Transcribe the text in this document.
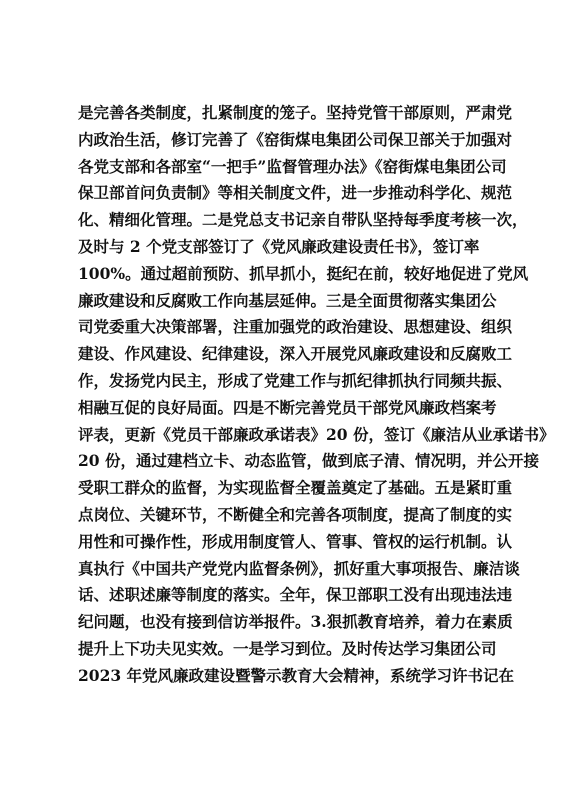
是完善各类制度，扎紧制度的笼子。坚持党管干部原则，严肃党
内政治生活，修订完善了《窑街煤电集团公司保卫部关于加强对
各党支部和各部室“一把手”监督管理办法》《窑街煤电集团公司
保卫部首问负责制》等相关制度文件，进一步推动科学化、规范
化、精细化管理。二是党总支书记亲自带队坚持每季度考核一次，
及时与 2 个党支部签订了《党风廉政建设责任书》，签订率
100%。通过超前预防、抓早抓小，挺纪在前，较好地促进了党风
廉政建设和反腐败工作向基层延伸。三是全面贯彻落实集团公
司党委重大决策部署，注重加强党的政治建设、思想建设、组织
建设、作风建设、纪律建设，深入开展党风廉政建设和反腐败工
作，发扬党内民主，形成了党建工作与抓纪律抓执行同频共振、
相融互促的良好局面。四是不断完善党员干部党风廉政档案考
评表，更新《党员干部廉政承诺表》20 份，签订《廉洁从业承诺书》
20 份，通过建档立卡、动态监管，做到底子清、情况明，并公开接
受职工群众的监督，为实现监督全覆盖奠定了基础。五是紧盯重
点岗位、关键环节，不断健全和完善各项制度，提高了制度的实
用性和可操作性，形成用制度管人、管事、管权的运行机制。认
真执行《中国共产党党内监督条例》，抓好重大事项报告、廉洁谈
话、述职述廉等制度的落实。全年，保卫部职工没有出现违法违
纪问题，也没有接到信访举报件。3.狠抓教育培养，着力在素质
提升上下功夫见实效。一是学习到位。及时传达学习集团公司
2023 年党风廉政建设暨警示教育大会精神，系统学习许书记在
